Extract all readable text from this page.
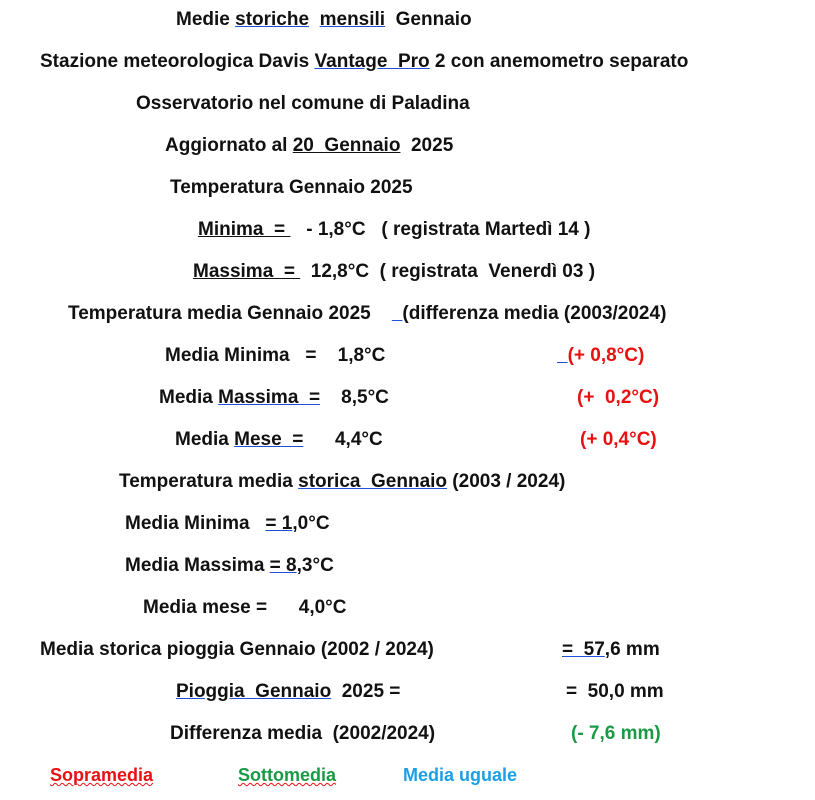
Medie storiche mensili  Gennaio
Stazione meteorologica Davis Vantage Pro 2 con anemometro separato
Osservatorio nel comune di Paladina
Aggiornato al 20  Gennaio  2025
Temperatura Gennaio 2025
Minima  =    - 1,8°C   ( registrata Martedì 14 )
Massima  =   12,8°C  ( registrata  Venerdì 03 )
Temperatura media Gennaio 2025      (differenza media (2003/2024)
Media Minima   =    1,8°C	(+ 0,8°C)
Media Massima  =    8,5°C	(+  0,2°C)
Media Mese  =      4,4°C	(+ 0,4°C)
Temperatura media storica  Gennaio (2003 / 2024)
Media Minima   = 1,0°C
Media Massima = 8,3°C
Media mese =      4,0°C
Media storica pioggia Gennaio (2002 / 2024)	=  57,6 mm
Pioggia  Gennaio  2025 =	=  50,0 mm
Differenza media  (2002/2024)	(- 7,6 mm)
Sopramedia	Sottomedia	Media uguale
